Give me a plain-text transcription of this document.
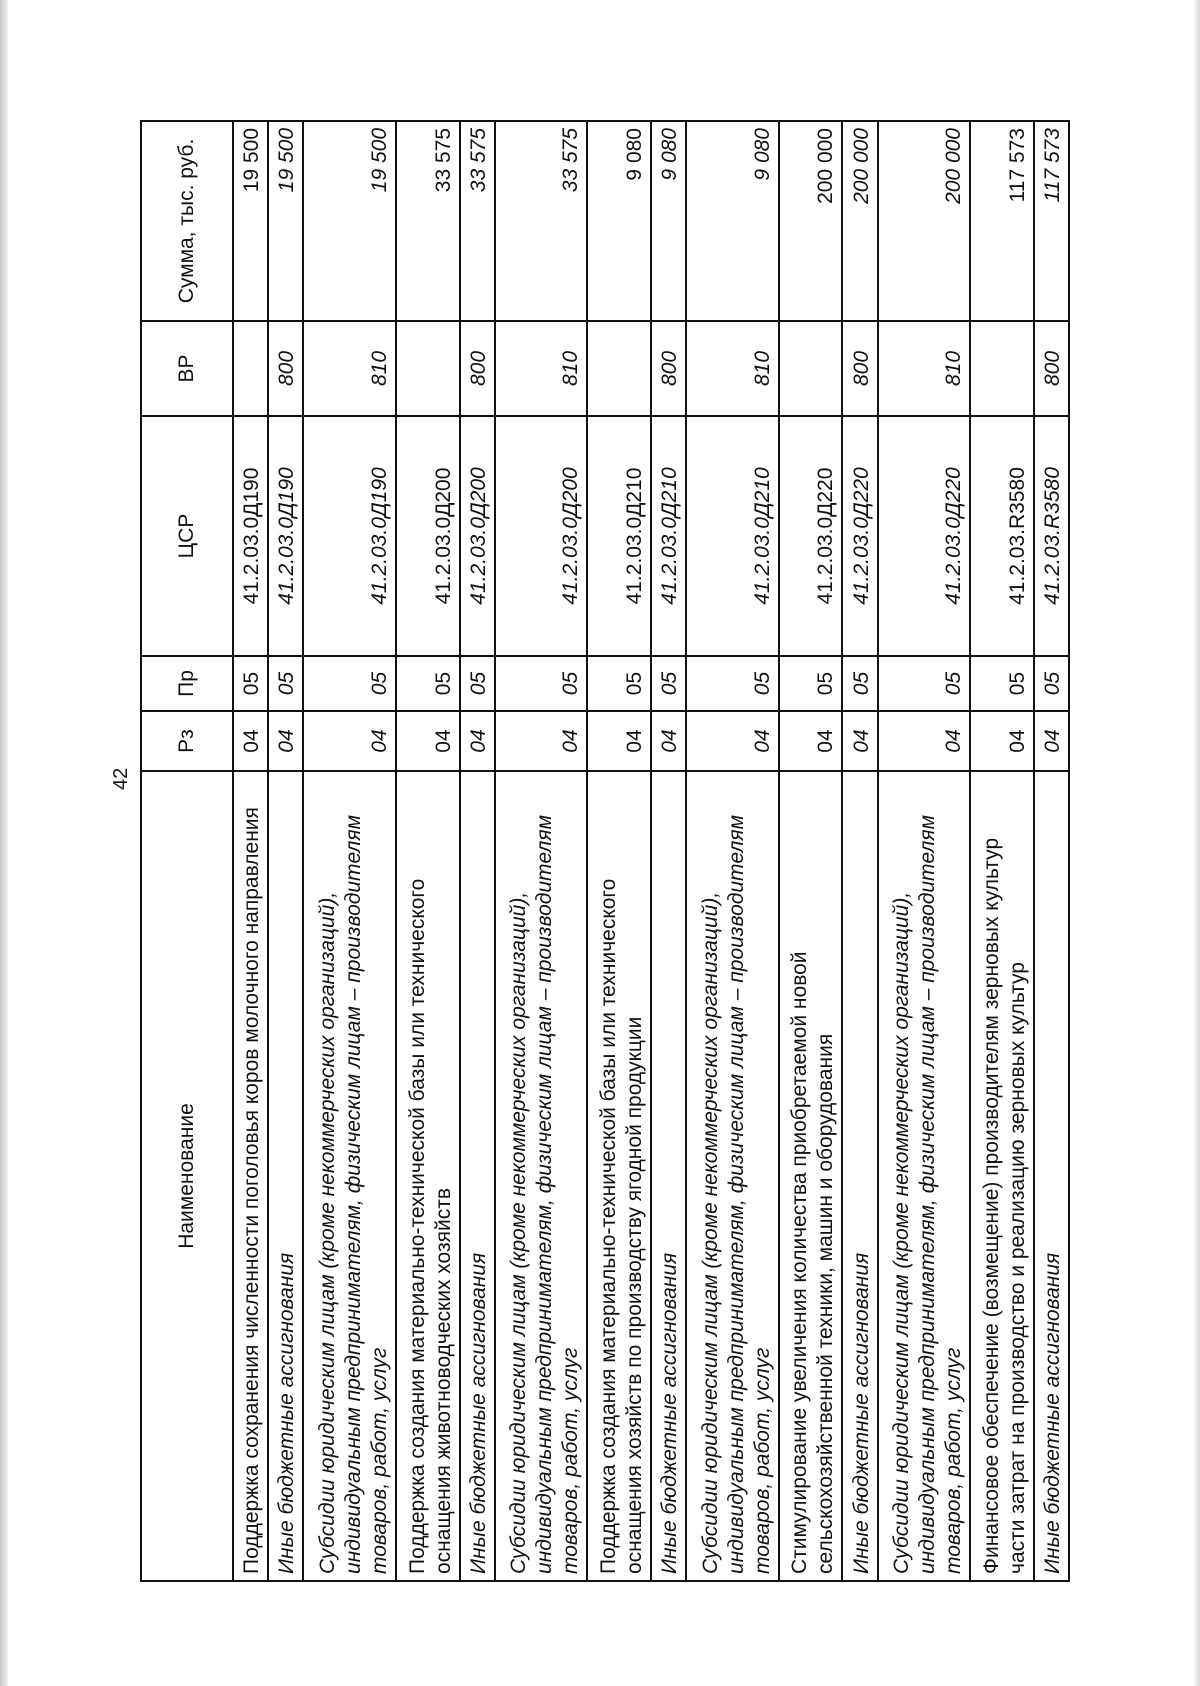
42
Наименование	Рз	Пр	ЦСР	ВР	Сумма, тыс. руб.
Поддержка сохранения численности поголовья коров молочного направления	04	05	41.2.03.0Д190		19 500
Иные бюджетные ассигнования	04	05	41.2.03.0Д190	800	19 500
Субсидии юридическим лицам (кроме некоммерческих организаций), индивидуальным предпринимателям, физическим лицам – производителям товаров, работ, услуг	04	05	41.2.03.0Д190	810	19 500
Поддержка создания материально-технической базы или технического оснащения животноводческих хозяйств	04	05	41.2.03.0Д200		33 575
Иные бюджетные ассигнования	04	05	41.2.03.0Д200	800	33 575
Субсидии юридическим лицам (кроме некоммерческих организаций), индивидуальным предпринимателям, физическим лицам – производителям товаров, работ, услуг	04	05	41.2.03.0Д200	810	33 575
Поддержка создания материально-технической базы или технического оснащения хозяйств по производству ягодной продукции	04	05	41.2.03.0Д210		9 080
Иные бюджетные ассигнования	04	05	41.2.03.0Д210	800	9 080
Субсидии юридическим лицам (кроме некоммерческих организаций), индивидуальным предпринимателям, физическим лицам – производителям товаров, работ, услуг	04	05	41.2.03.0Д210	810	9 080
Стимулирование увеличения количества приобретаемой новой сельскохозяйственной техники, машин и оборудования	04	05	41.2.03.0Д220		200 000
Иные бюджетные ассигнования	04	05	41.2.03.0Д220	800	200 000
Субсидии юридическим лицам (кроме некоммерческих организаций), индивидуальным предпринимателям, физическим лицам – производителям товаров, работ, услуг	04	05	41.2.03.0Д220	810	200 000
Финансовое обеспечение (возмещение) производителям зерновых культур части затрат на производство и реализацию зерновых культур	04	05	41.2.03.R3580		117 573
Иные бюджетные ассигнования	04	05	41.2.03.R3580	800	117 573
